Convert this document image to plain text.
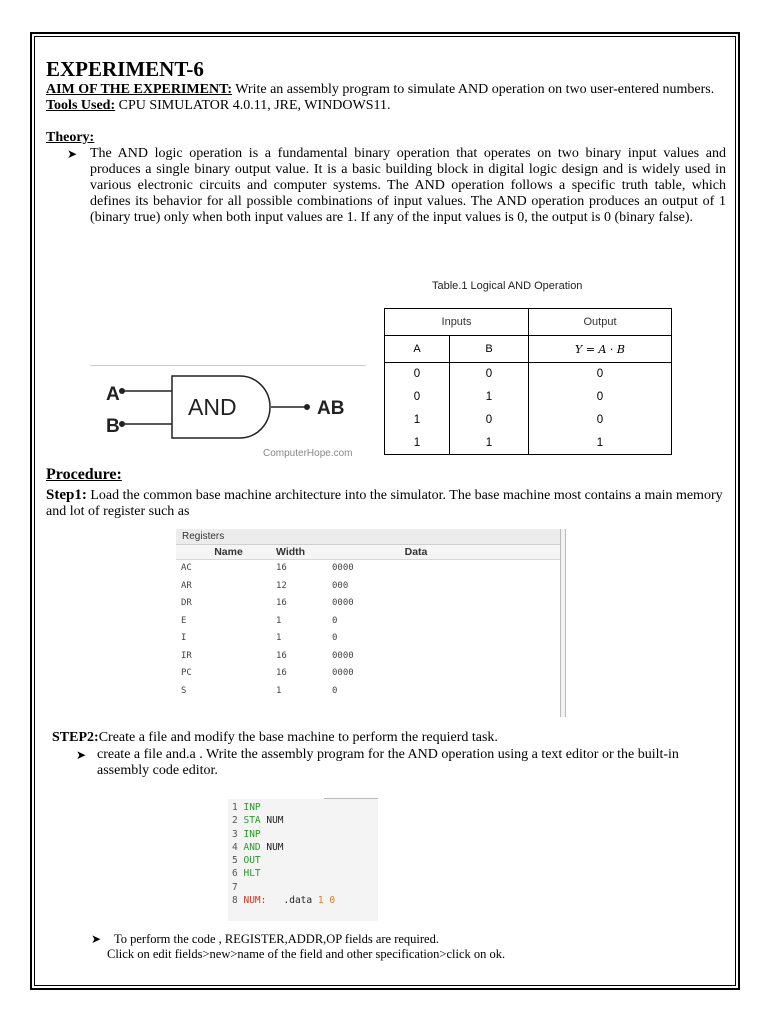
EXPERIMENT-6
AIM OF THE EXPERIMENT: Write an assembly program to simulate AND operation on two user-entered numbers.
Tools Used: CPU SIMULATOR 4.0.11, JRE, WINDOWS11.
Theory:
➤ The AND logic operation is a fundamental binary operation that operates on two binary input values and produces a single binary output value. It is a basic building block in digital logic design and is widely used in various electronic circuits and computer systems. The AND operation follows a specific truth table, which defines its behavior for all possible combinations of input values. The AND operation produces an output of 1 (binary true) only when both input values are 1. If any of the input values is 0, the output is 0 (binary false).
A
B
AND	AB
ComputerHope.com
Table.1 Logical AND Operation
Inputs		Output
A	B	Y = A · B
0	0	0
0	1	0
1	0	0
1	1	1
Procedure:
Step1: Load the common base machine architecture into the simulator. The base machine most contains a main memory and lot of register such as
Registers
Name	Width	Data
AC	16	0000
AR	12	000
DR	16	0000
E	1	0
I	1	0
IR	16	0000
PC	16	0000
S	1	0
STEP2:Create a file and modify the base machine to perform the requierd task.
➤ create a file and.a . Write the assembly program for the AND operation using a text editor or the built-in assembly code editor.
1 INP
2 STA NUM
3 INP
4 AND NUM
5 OUT
6 HLT
7
8 NUM:   .data 1 0
➤ To perform the code , REGISTER,ADDR,OP fields are required.
Click on edit fields>new>name of the field and other specification>click on ok.
